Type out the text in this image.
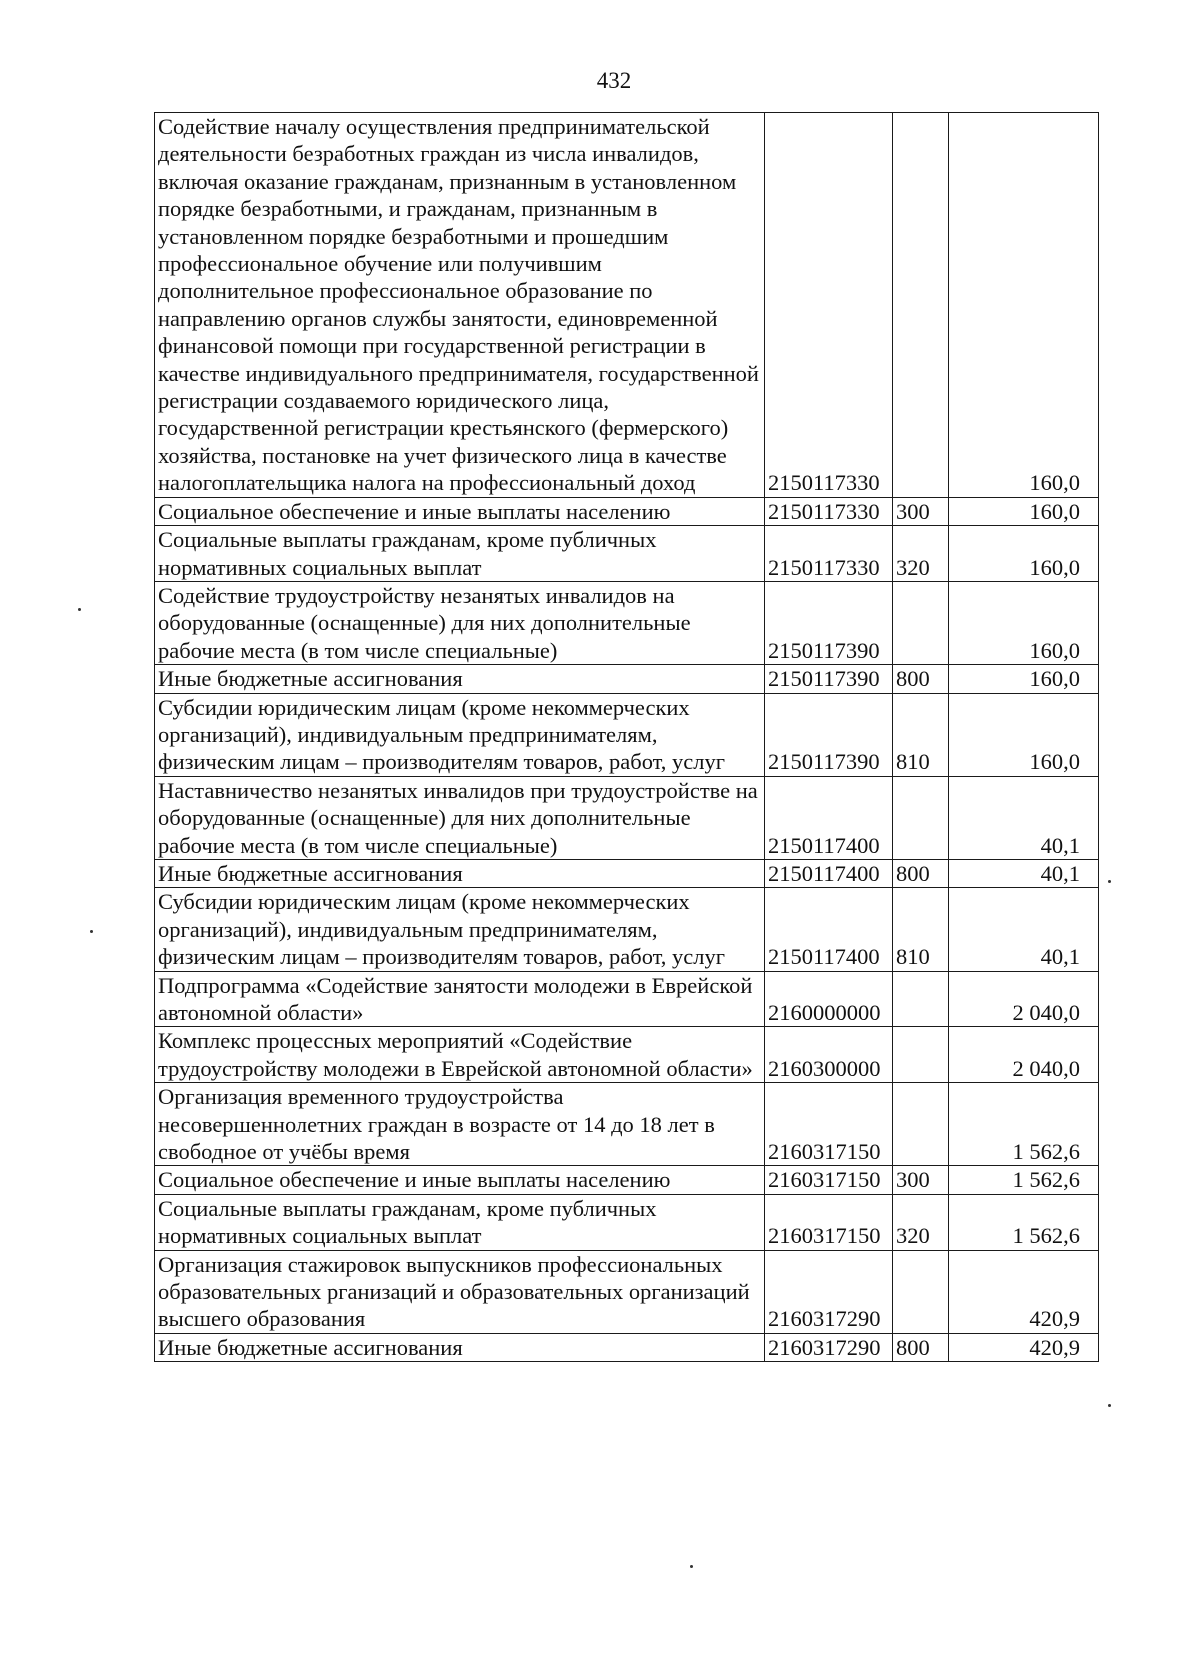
432
Содействие началу осуществления предпринимательской деятельности безработных граждан из числа инвалидов, включая оказание гражданам, признанным в установленном порядке безработными, и гражданам, признанным в установленном порядке безработными и прошедшим профессиональное обучение или получившим дополнительное профессиональное образование по направлению органов службы занятости, единовременной финансовой помощи при государственной регистрации в качестве индивидуального предпринимателя, государственной регистрации создаваемого юридического лица, государственной регистрации крестьянского (фермерского) хозяйства, постановке на учет физического лица в качестве налогоплательщика налога на профессиональный доход	2150117330		160,0
Социальное обеспечение и иные выплаты населению	2150117330	300	160,0
Социальные выплаты гражданам, кроме публичных нормативных социальных выплат	2150117330	320	160,0
Содействие трудоустройству незанятых инвалидов на оборудованные (оснащенные) для них дополнительные рабочие места (в том числе специальные)	2150117390		160,0
Иные бюджетные ассигнования	2150117390	800	160,0
Субсидии юридическим лицам (кроме некоммерческих организаций), индивидуальным предпринимателям, физическим лицам – производителям товаров, работ, услуг	2150117390	810	160,0
Наставничество незанятых инвалидов при трудоустройстве на оборудованные (оснащенные) для них дополнительные рабочие места (в том числе специальные)	2150117400		40,1
Иные бюджетные ассигнования	2150117400	800	40,1
Субсидии юридическим лицам (кроме некоммерческих организаций), индивидуальным предпринимателям, физическим лицам – производителям товаров, работ, услуг	2150117400	810	40,1
Подпрограмма «Содействие занятости молодежи в Еврейской автономной области»	2160000000		2 040,0
Комплекс процессных мероприятий «Содействие трудоустройству молодежи в Еврейской автономной области»	2160300000		2 040,0
Организация временного трудоустройства несовершеннолетних граждан в возрасте от 14 до 18 лет в свободное от учёбы время	2160317150		1 562,6
Социальное обеспечение и иные выплаты населению	2160317150	300	1 562,6
Социальные выплаты гражданам, кроме публичных нормативных социальных выплат	2160317150	320	1 562,6
Организация стажировок выпускников профессиональных образовательных рганизаций и образовательных организаций высшего образования	2160317290		420,9
Иные бюджетные ассигнования	2160317290	800	420,9
